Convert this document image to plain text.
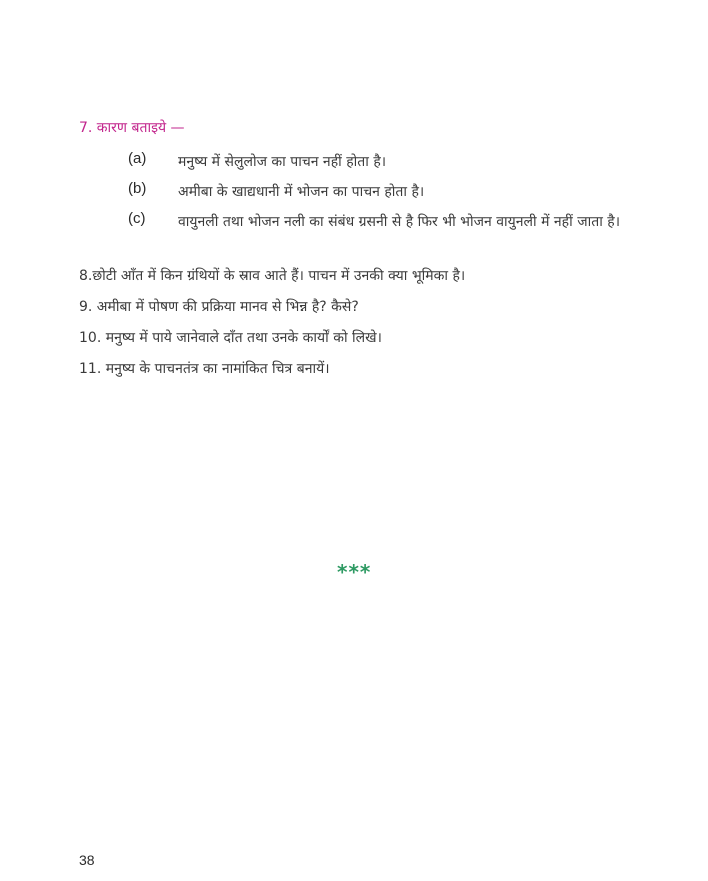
7. कारण बताइये —
(a) मनुष्य में सेलुलोज का पाचन नहीं होता है।
(b) अमीबा के खाद्यधानी में भोजन का पाचन होता है।
(c) वायुनली तथा भोजन नली का संबंध ग्रसनी से है फिर भी भोजन वायुनली में नहीं जाता है।
8.छोटी आँत में किन ग्रंथियों के स्राव आते हैं। पाचन में उनकी क्या भूमिका है।
9. अमीबा में पोषण की प्रक्रिया मानव से भिन्न है? कैसे?
10. मनुष्य में पाये जानेवाले दाँत तथा उनके कार्यों को लिखे।
11. मनुष्य के पाचनतंत्र का नामांकित चित्र बनायें।
***
38
